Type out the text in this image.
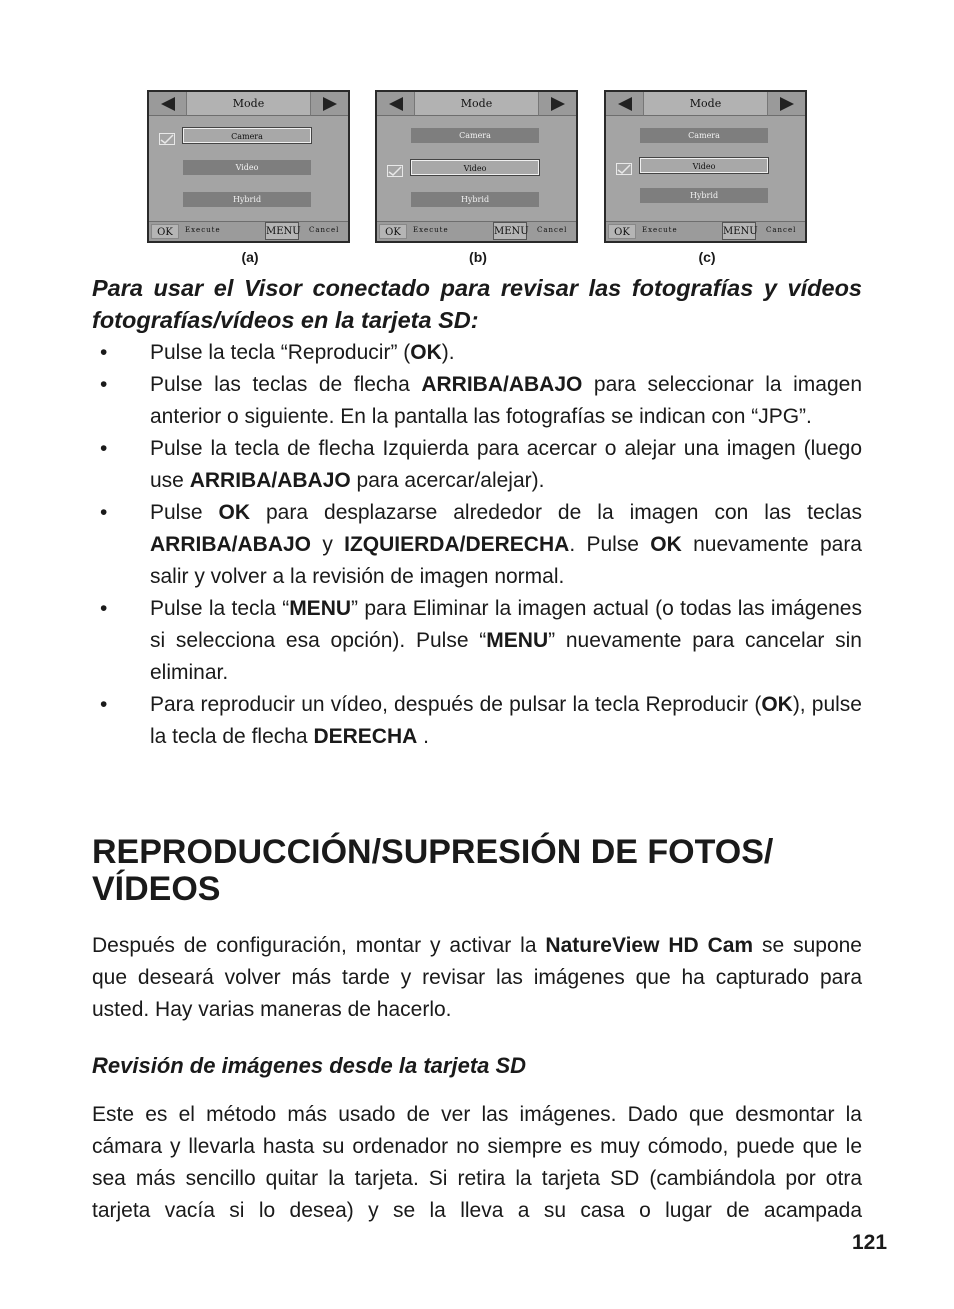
Mode
Camera
Video
Hybrid
OK	Execute	MENU Cancel
Mode
Camera
Video
Hybrid
OK	Execute	MENU Cancel
Mode
Camera
Video
Hybrid
OK	Execute	MENU Cancel
(a)	(b)	(c)
Para usar el Visor conectado para revisar las fotografías y vídeos fotografías/vídeos en la tarjeta SD:
• Pulse la tecla “Reproducir” (OK).
• Pulse las teclas de flecha ARRIBA/ABAJO para seleccionar la imagen anterior o siguiente. En la pantalla las fotografías se indican con “JPG”.
• Pulse la tecla de flecha Izquierda para acercar o alejar una imagen (luego use ARRIBA/ABAJO para acercar/alejar).
• Pulse OK para desplazarse alrededor de la imagen con las teclas ARRIBA/ABAJO y IZQUIERDA/DERECHA. Pulse OK nuevamente para salir y volver a la revisión de imagen normal.
• Pulse la tecla “MENU” para Eliminar la imagen actual (o todas las imágenes si selecciona esa opción). Pulse “MENU” nuevamente para cancelar sin eliminar.
• Para reproducir un vídeo, después de pulsar la tecla Reproducir (OK), pulse la tecla de flecha DERECHA .
REPRODUCCIÓN/SUPRESIÓN DE FOTOS/
VÍDEOS
Después de configuración, montar y activar la NatureView HD Cam se supone que deseará volver más tarde y revisar las imágenes que ha capturado para usted. Hay varias maneras de hacerlo.
Revisión de imágenes desde la tarjeta SD
Este es el método más usado de ver las imágenes. Dado que desmontar la cámara y llevarla hasta su ordenador no siempre es muy cómodo, puede que le sea más sencillo quitar la tarjeta. Si retira la tarjeta SD (cambiándola por otra tarjeta vacía si lo desea) y se la lleva a su casa o lugar de acampada
121
